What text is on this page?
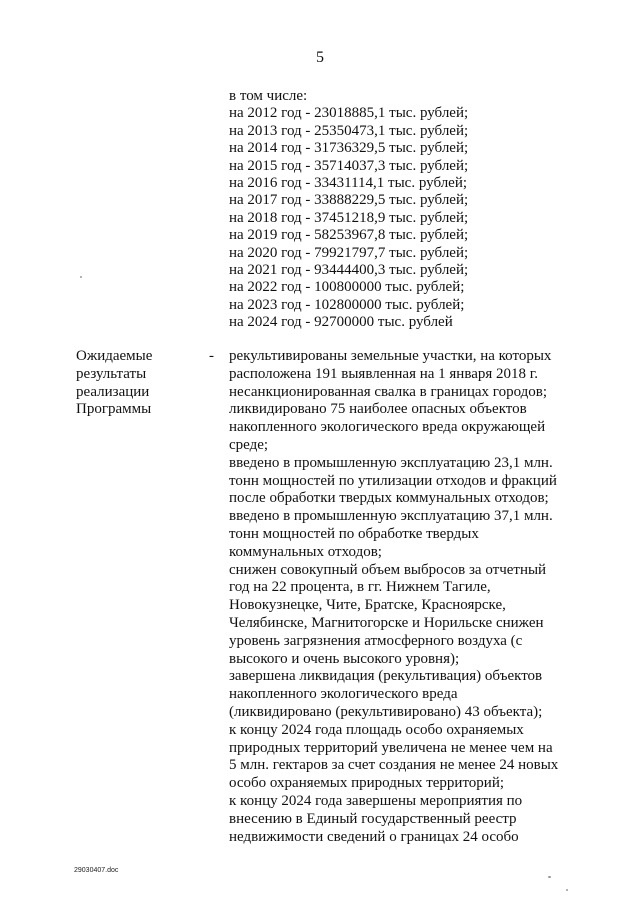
5
в том числе:
на 2012 год - 23018885,1 тыс. рублей;
на 2013 год - 25350473,1 тыс. рублей;
на 2014 год - 31736329,5 тыс. рублей;
на 2015 год - 35714037,3 тыс. рублей;
на 2016 год - 33431114,1 тыс. рублей;
на 2017 год - 33888229,5 тыс. рублей;
на 2018 год - 37451218,9 тыс. рублей;
на 2019 год - 58253967,8 тыс. рублей;
на 2020 год - 79921797,7 тыс. рублей;
на 2021 год - 93444400,3 тыс. рублей;
на 2022 год - 100800000 тыс. рублей;
на 2023 год - 102800000 тыс. рублей;
на 2024 год - 92700000 тыс. рублей
Ожидаемые
результаты
реализации
Программы
- рекультивированы земельные участки, на которых
расположена 191 выявленная на 1 января 2018 г.
несанкционированная свалка в границах городов;
ликвидировано 75 наиболее опасных объектов
накопленного экологического вреда окружающей
среде;
введено в промышленную эксплуатацию 23,1 млн.
тонн мощностей по утилизации отходов и фракций
после обработки твердых коммунальных отходов;
введено в промышленную эксплуатацию 37,1 млн.
тонн мощностей по обработке твердых
коммунальных отходов;
снижен совокупный объем выбросов за отчетный
год на 22 процента, в гг. Нижнем Тагиле,
Новокузнецке, Чите, Братске, Красноярске,
Челябинске, Магнитогорске и Норильске снижен
уровень загрязнения атмосферного воздуха (с
высокого и очень высокого уровня);
завершена ликвидация (рекультивация) объектов
накопленного экологического вреда
(ликвидировано (рекультивировано) 43 объекта);
к концу 2024 года площадь особо охраняемых
природных территорий увеличена не менее чем на
5 млн. гектаров за счет создания не менее 24 новых
особо охраняемых природных территорий;
к концу 2024 года завершены мероприятия по
внесению в Единый государственный реестр
недвижимости сведений о границах 24 особо
29030407.doc
